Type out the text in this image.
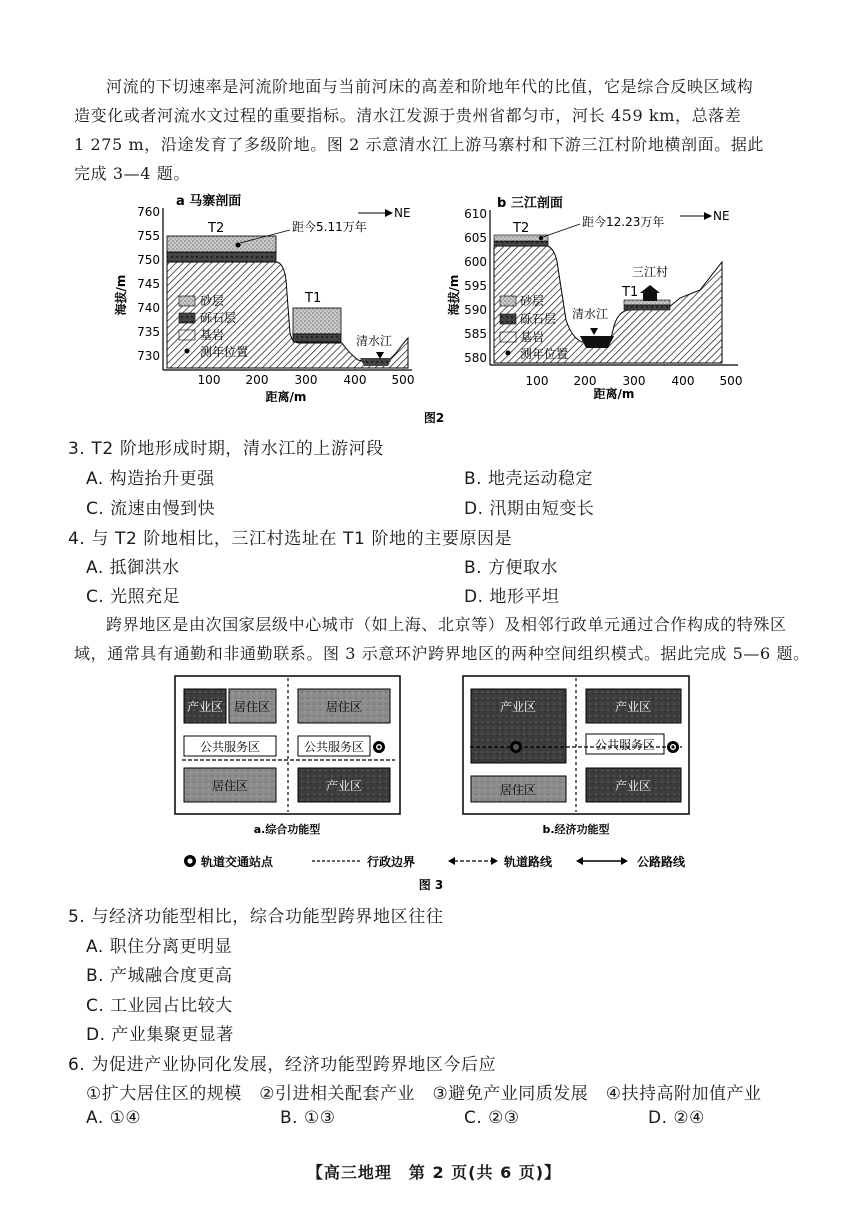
河流的下切速率是河流阶地面与当前河床的高差和阶地年代的比值，它是综合反映区域构
造变化或者河流水文过程的重要指标。清水江发源于贵州省都匀市，河长 459 km，总落差
1 275 m，沿途发育了多级阶地。图 2 示意清水江上游马寨村和下游三江村阶地横剖面。据此
完成 3—4 题。
a 马寨剖面
海拔/m
760
755
750
745
740
735
730
100 200 300 400 500
距离/m
T2
T1
距今5.11万年
NE
清水江
砂层
砾石层
基岩
测年位置
b 三江剖面
海拔/m
610
605
600
595
590
585
580
100 200 300 400 500
距离/m
T2
T1
三江村
清水江
距今12.23万年	NE
砂层
砾石层
基岩
测年位置
图2
3. T2 阶地形成时期，清水江的上游河段
A. 构造抬升更强	B. 地壳运动稳定
C. 流速由慢到快	D. 汛期由短变长
4. 与 T2 阶地相比，三江村选址在 T1 阶地的主要原因是
A. 抵御洪水	B. 方便取水
C. 光照充足	D. 地形平坦
跨界地区是由次国家层级中心城市（如上海、北京等）及相邻行政单元通过合作构成的特殊区
域，通常具有通勤和非通勤联系。图 3 示意环沪跨界地区的两种空间组织模式。据此完成 5—6 题。
产业区 居住区	居住区
公共服务区	公共服务区
居住区	产业区
a.综合功能型
产业区	产业区
公共服务区
居住区	产业区
b.经济功能型
轨道交通站点	行政边界	轨道路线	公路路线
图 3
5. 与经济功能型相比，综合功能型跨界地区往往
A. 职住分离更明显
B. 产城融合度更高
C. 工业园占比较大
D. 产业集聚更显著
6. 为促进产业协同化发展，经济功能型跨界地区今后应
①扩大居住区的规模　②引进相关配套产业　③避免产业同质发展　④扶持高附加值产业
A. ①④	B. ①③	C. ②③	D. ②④
【高三地理　第 2 页(共 6 页)】
